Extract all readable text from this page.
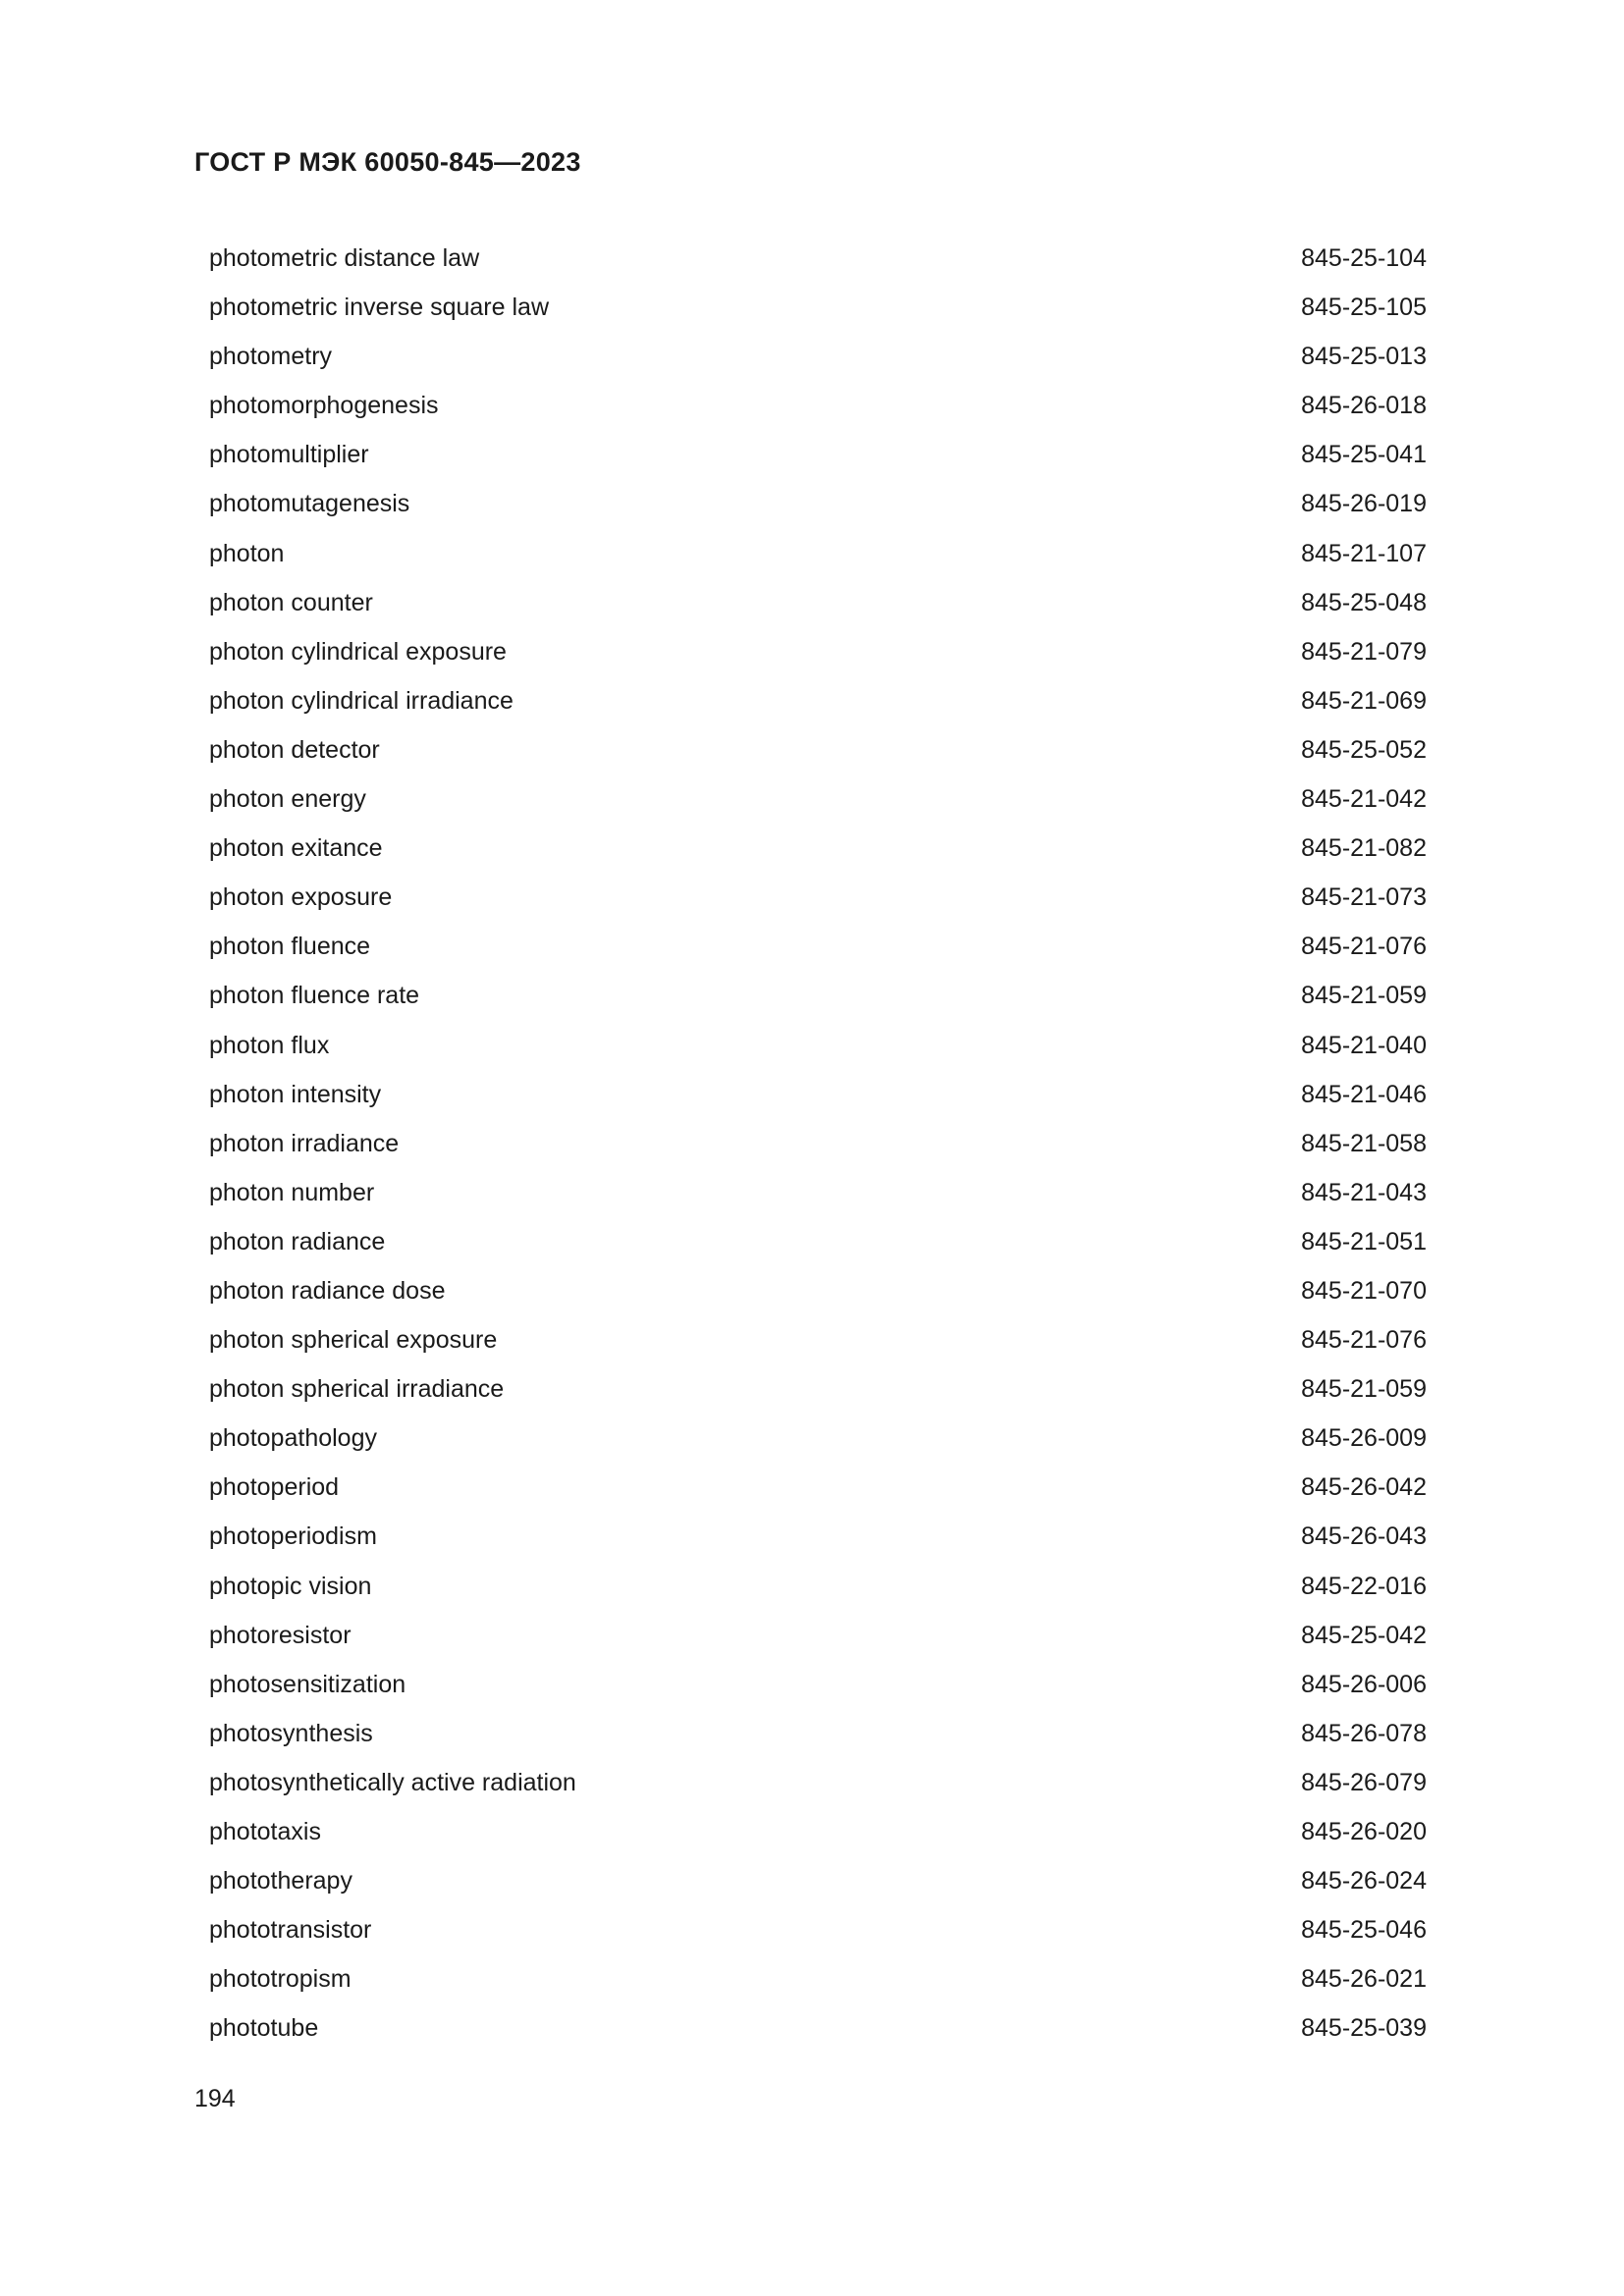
ГОСТ Р МЭК 60050-845—2023
photometric distance law	845-25-104
photometric inverse square law	845-25-105
photometry	845-25-013
photomorphogenesis	845-26-018
photomultiplier	845-25-041
photomutagenesis	845-26-019
photon	845-21-107
photon counter	845-25-048
photon cylindrical exposure	845-21-079
photon cylindrical irradiance	845-21-069
photon detector	845-25-052
photon energy	845-21-042
photon exitance	845-21-082
photon exposure	845-21-073
photon fluence	845-21-076
photon fluence rate	845-21-059
photon flux	845-21-040
photon intensity	845-21-046
photon irradiance	845-21-058
photon number	845-21-043
photon radiance	845-21-051
photon radiance dose	845-21-070
photon spherical exposure	845-21-076
photon spherical irradiance	845-21-059
photopathology	845-26-009
photoperiod	845-26-042
photoperiodism	845-26-043
photopic vision	845-22-016
photoresistor	845-25-042
photosensitization	845-26-006
photosynthesis	845-26-078
photosynthetically active radiation	845-26-079
phototaxis	845-26-020
phototherapy	845-26-024
phototransistor	845-25-046
phototropism	845-26-021
phototube	845-25-039
194
